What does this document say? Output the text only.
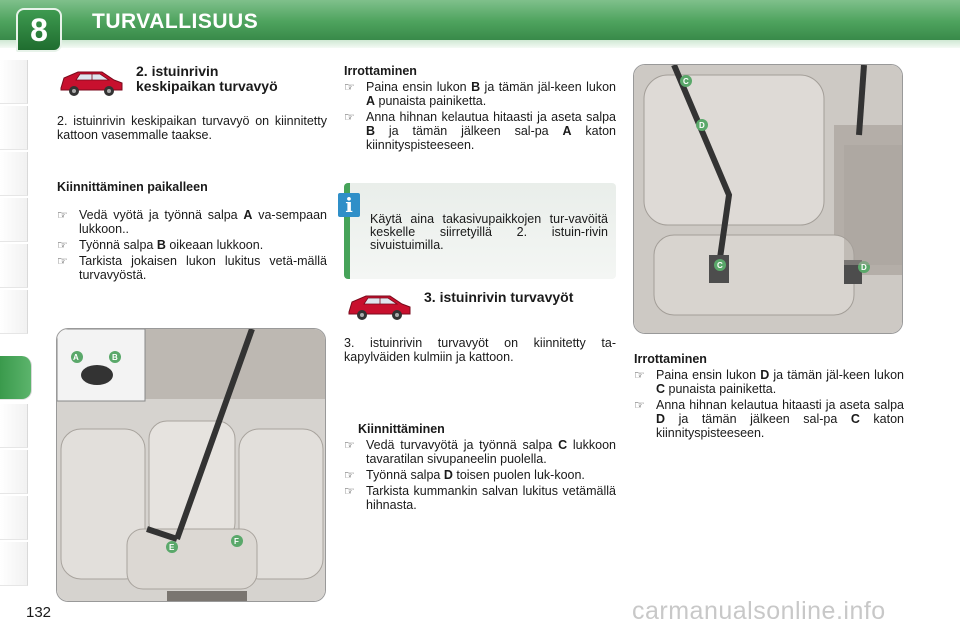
8	TURVALLISUUS
2. istuinrivin
keskipaikan turvavyö
2. istuinrivin keskipaikan turvavyö on kiinnitetty kattoon vasemmalle taakse.
Kiinnittäminen paikalleen
☞ Vedä vyötä ja työnnä salpa A va-sempaan lukkoon..
☞ Työnnä salpa B oikeaan lukkoon.
☞ Tarkista jokaisen lukon lukitus vetä-mällä turvavyöstä.
A	B
E
F
Irrottaminen
☞ Paina ensin lukon B ja tämän jäl-keen lukon A punaista painiketta.
☞ Anna hihnan kelautua hitaasti ja aseta salpa B ja tämän jälkeen sal-pa A katon kiinnityspisteeseen.
i
Käytä aina takasivupaikkojen tur-vavöitä keskelle siirretyillä 2. istuin-rivin sivuistuimilla.
3. istuinrivin turvavyöt
3. istuinrivin turvavyöt on kiinnitetty ta-kapylväiden kulmiin ja kattoon.
Kiinnittäminen
☞ Vedä turvavyötä ja työnnä salpa C lukkoon tavaratilan sivupaneelin puolella.
☞ Työnnä salpa D toisen puolen luk-koon.
☞ Tarkista kummankin salvan lukitus vetämällä hihnasta.
C
D
C	D
Irrottaminen
☞ Paina ensin lukon D ja tämän jäl-keen lukon C punaista painiketta.
☞ Anna hihnan kelautua hitaasti ja aseta salpa D ja tämän jälkeen sal-pa C katon kiinnityspisteeseen.
132	carmanualsonline.info
